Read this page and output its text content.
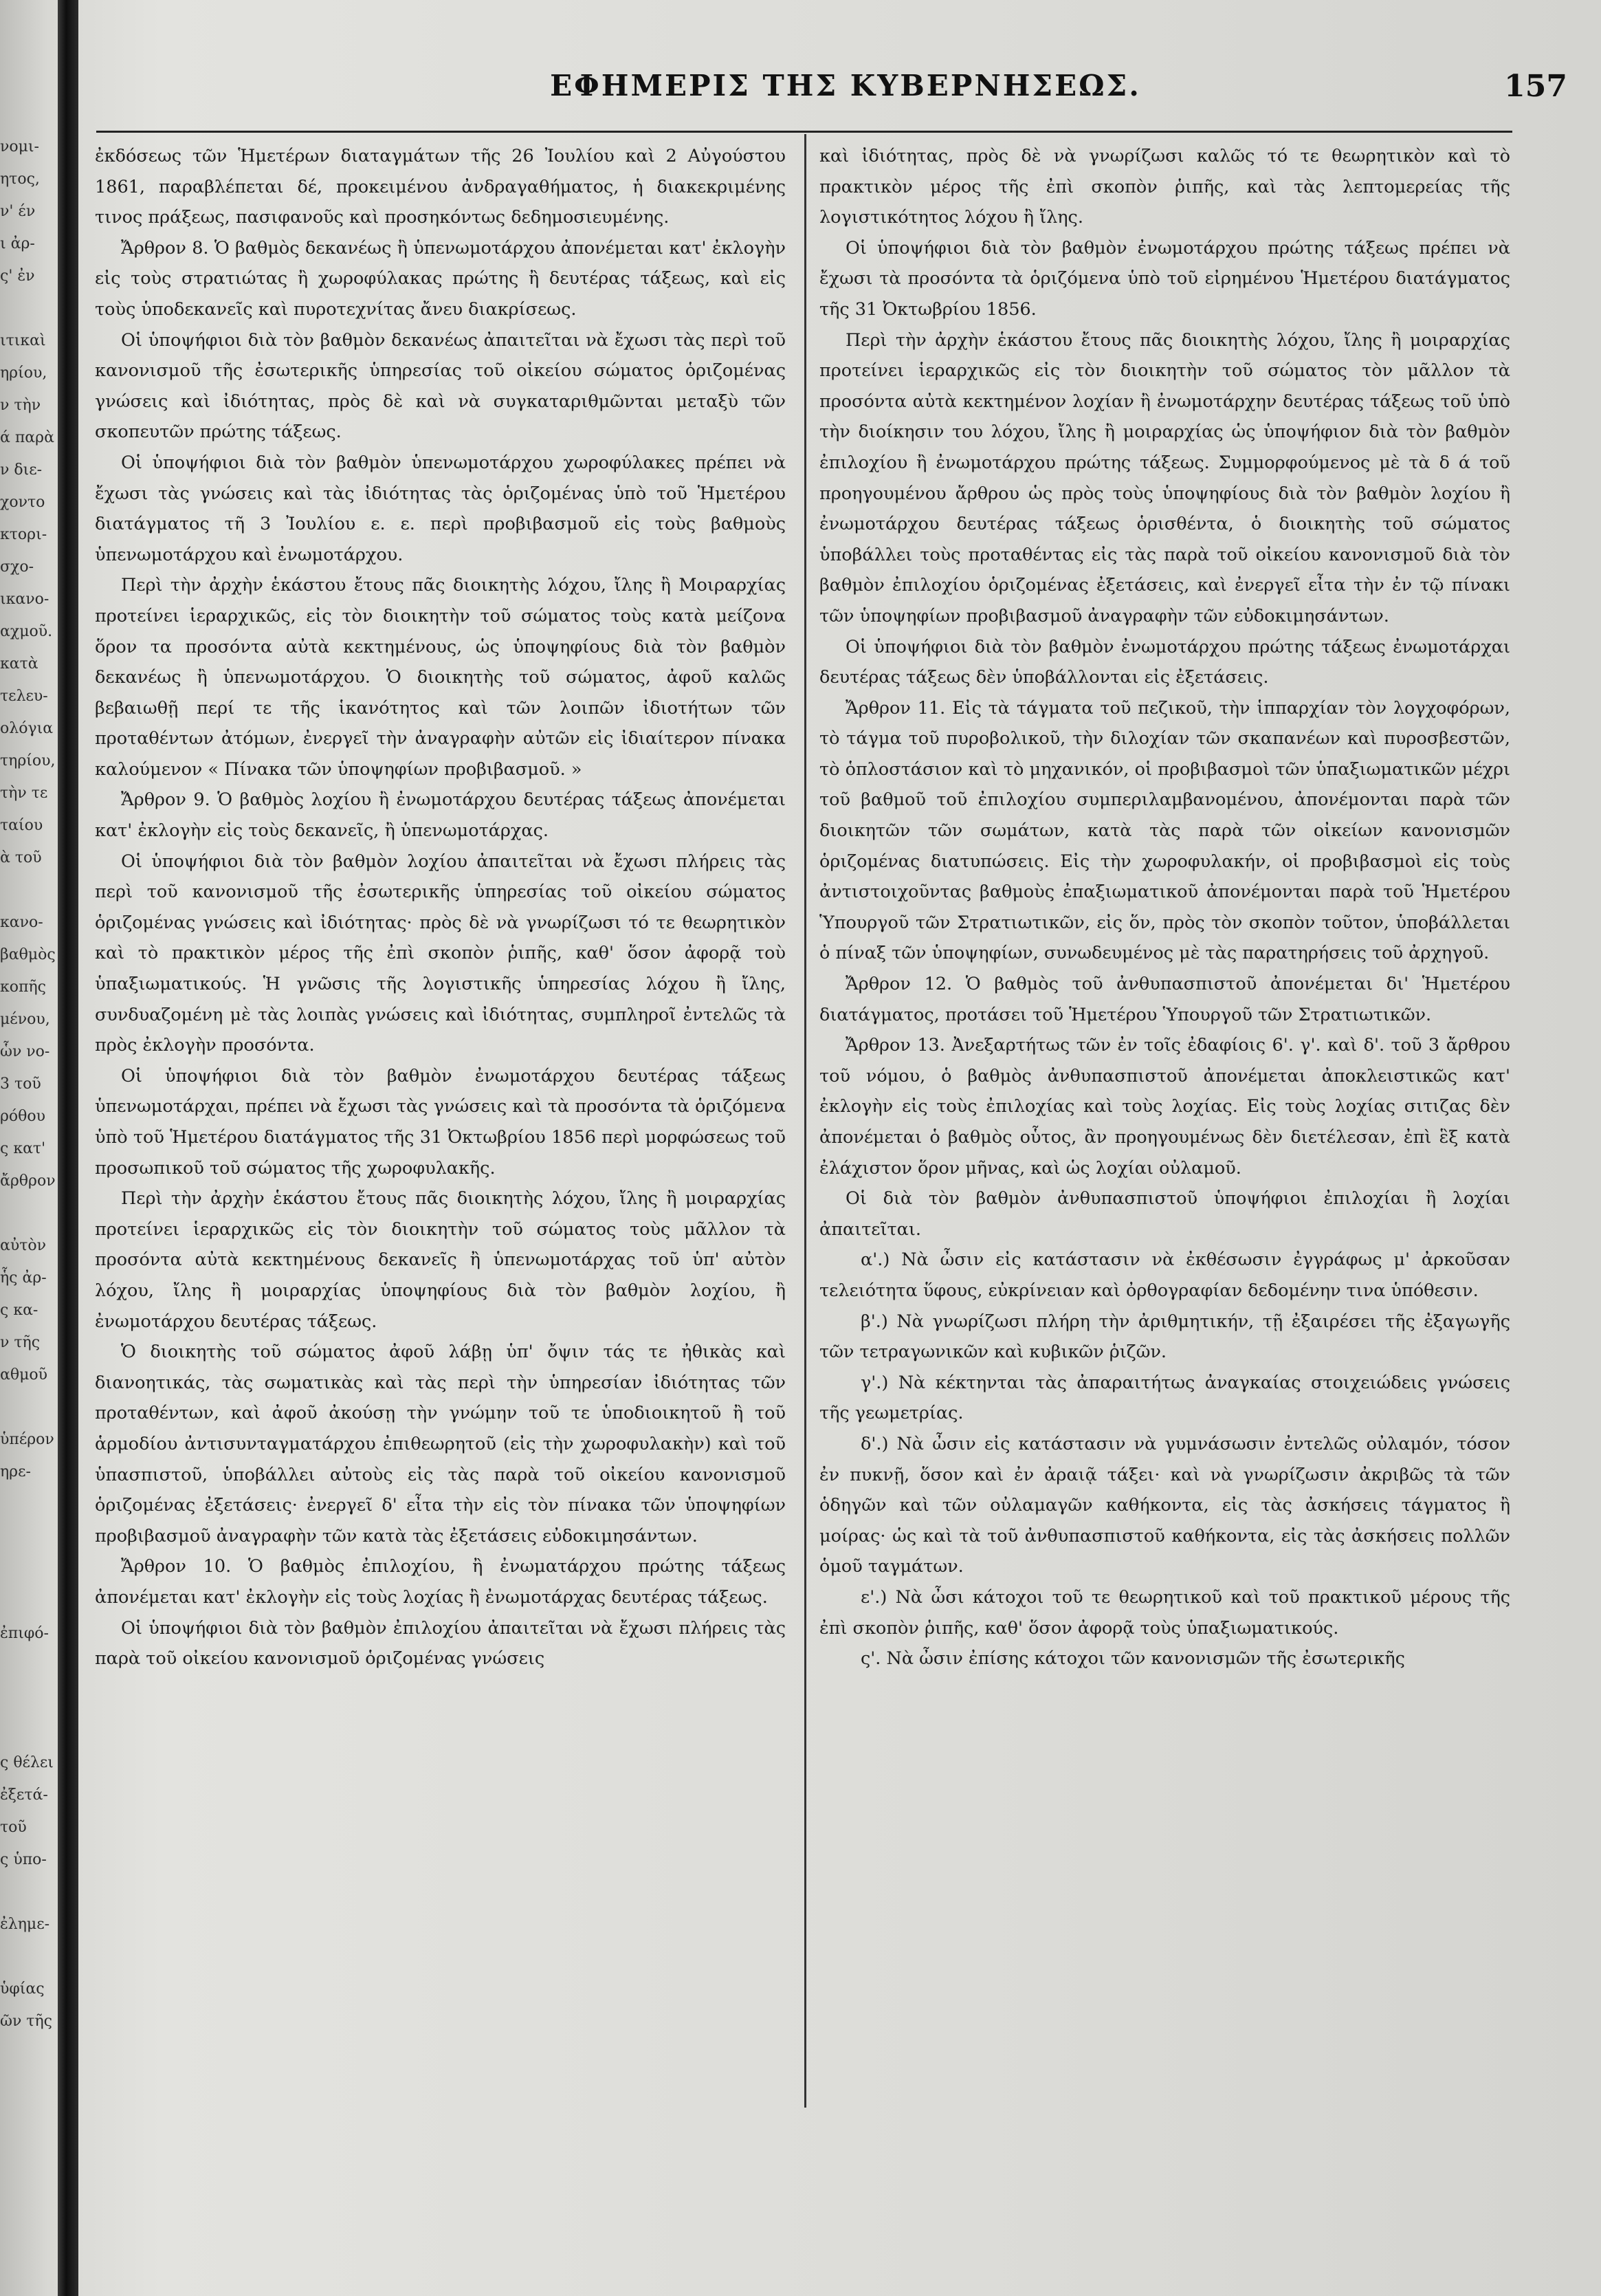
νομι-
ητος,
ν' έν
ι ἀρ-
ς' ἐν

ιτικαὶ
ηρίου,
ν τὴν
ά παρὰ
ν διε-
χοντο
κτορι-
σχο-
ικανο-
αχμοῦ.
κατὰ
τελευ-
ολόγια
τηρίου,
τὴν τε
ταίου
ὰ τοῦ

κανο-
βαθμὸς
κοπῆς
μένου,
ὧν νο-
3 τοῦ
ρόθου
ς κατ'
ἄρθρον

αὐτὸν
ἧς ἀρ-
ς κα-
ν τῆς
αθμοῦ

ὑπέρον
ηρε-

ἐπιφό-

ς θέλει
ἐξετά-
τοῦ
ς ὑπο-

ἐλημε-

ὑφίας
ῶν τῆς
ΕΦΗΜΕΡΙΣ ΤΗΣ ΚΥΒΕΡΝΗΣΕΩΣ.	157

ἐκδόσεως τῶν Ἡμετέρων διαταγμάτων τῆς 26 Ἰουλίου καὶ 2 Αὐγούστου 1861, παραβλέπεται δέ, προκειμένου ἀνδραγαθήματος, ἡ διακεκριμένης τινος πράξεως, πασιφανοῦς καὶ προσηκόντως δεδημοσιευμένης.

Ἄρθρον 8. Ὁ βαθμὸς δεκανέως ἢ ὑπενωμοτάρχου ἀπονέμεται κατ' ἐκλογὴν εἰς τοὺς στρατιώτας ἢ χωροφύλακας πρώτης ἢ δευτέρας τάξεως, καὶ εἰς τοὺς ὑποδεκανεῖς καὶ πυροτεχνίτας ἄνευ διακρίσεως.

Οἱ ὑποψήφιοι διὰ τὸν βαθμὸν δεκανέως ἀπαιτεῖται νὰ ἔχωσι τὰς περὶ τοῦ κανονισμοῦ τῆς ἐσωτερικῆς ὑπηρεσίας τοῦ οἰκείου σώματος ὁριζομένας γνώσεις καὶ ἰδιότητας, πρὸς δὲ καὶ νὰ συγκαταριθμῶνται μεταξὺ τῶν σκοπευτῶν πρώτης τάξεως.

Οἱ ὑποψήφιοι διὰ τὸν βαθμὸν ὑπενωμοτάρχου χωροφύλακες πρέπει νὰ ἔχωσι τὰς γνώσεις καὶ τὰς ἰδιότητας τὰς ὁριζομένας ὑπὸ τοῦ Ἡμετέρου διατάγματος τῆ 3 Ἰουλίου ε. ε. περὶ προβιβασμοῦ εἰς τοὺς βαθμοὺς ὑπενωμοτάρχου καὶ ἐνωμοτάρχου.

Περὶ τὴν ἀρχὴν ἑκάστου ἔτους πᾶς διοικητὴς λόχου, ἴλης ἢ Μοιραρχίας προτείνει ἱεραρχικῶς, εἰς τὸν διοικητὴν τοῦ σώματος τοὺς κατὰ μείζονα ὅρον τα προσόντα αὐτὰ κεκτημένους, ὡς ὑποψηφίους διὰ τὸν βαθμὸν δεκανέως ἢ ὑπενωμοτάρχου. Ὁ διοικητὴς τοῦ σώματος, ἀφοῦ καλῶς βεβαιωθῇ περί τε τῆς ἱκανότητος καὶ τῶν λοιπῶν ἰδιοτήτων τῶν προταθέντων ἀτόμων, ἐνεργεῖ τὴν ἀναγραφὴν αὐτῶν εἰς ἰδιαίτερον πίνακα καλούμενον « Πίνακα τῶν ὑποψηφίων προβιβασμοῦ. »

Ἄρθρον 9. Ὁ βαθμὸς λοχίου ἢ ἐνωμοτάρχου δευτέρας τάξεως ἀπονέμεται κατ' ἐκλογὴν εἰς τοὺς δεκανεῖς, ἢ ὑπενωμοτάρχας.

Οἱ ὑποψήφιοι διὰ τὸν βαθμὸν λοχίου ἀπαιτεῖται νὰ ἔχωσι πλήρεις τὰς περὶ τοῦ κανονισμοῦ τῆς ἐσωτερικῆς ὑπηρεσίας τοῦ οἰκείου σώματος ὁριζομένας γνώσεις καὶ ἰδιότητας· πρὸς δὲ νὰ γνωρίζωσι τό τε θεωρητικὸν καὶ τὸ πρακτικὸν μέρος τῆς ἐπὶ σκοπὸν ῥιπῆς, καθ' ὅσον ἀφορᾷ τοὺ ὑπαξιωματικούς. Ἡ γνῶσις τῆς λογιστικῆς ὑπηρεσίας λόχου ἢ ἴλης, συνδυαζομένη μὲ τὰς λοιπὰς γνώσεις καὶ ἰδιότητας, συμπληροῖ ἐντελῶς τὰ πρὸς ἐκλογὴν προσόντα.

Οἱ ὑποψήφιοι διὰ τὸν βαθμὸν ἐνωμοτάρχου δευτέρας τάξεως ὑπενωμοτάρχαι, πρέπει νὰ ἔχωσι τὰς γνώσεις καὶ τὰ προσόντα τὰ ὁριζόμενα ὑπὸ τοῦ Ἡμετέρου διατάγματος τῆς 31 Ὀκτωβρίου 1856 περὶ μορφώσεως τοῦ προσωπικοῦ τοῦ σώματος τῆς χωροφυλακῆς.

Περὶ τὴν ἀρχὴν ἑκάστου ἔτους πᾶς διοικητὴς λόχου, ἴλης ἢ μοιραρχίας προτείνει ἱεραρχικῶς εἰς τὸν διοικητὴν τοῦ σώματος τοὺς μᾶλλον τὰ προσόντα αὐτὰ κεκτημένους δεκανεῖς ἢ ὑπενωμοτάρχας τοῦ ὑπ' αὐτὸν λόχου, ἴλης ἢ μοιραρχίας ὑποψηφίους διὰ τὸν βαθμὸν λοχίου, ἢ ἐνωμοτάρχου δευτέρας τάξεως.

Ὁ διοικητὴς τοῦ σώματος ἀφοῦ λάβῃ ὑπ' ὄψιν τάς τε ἠθικὰς καὶ διανοητικάς, τὰς σωματικὰς καὶ τὰς περὶ τὴν ὑπηρεσίαν ἰδιότητας τῶν προταθέντων, καὶ ἀφοῦ ἀκούσῃ τὴν γνώμην τοῦ τε ὑποδιοικητοῦ ἢ τοῦ ἁρμοδίου ἀντισυνταγματάρχου ἐπιθεωρητοῦ (εἰς τὴν χωροφυλακὴν) καὶ τοῦ ὑπασπιστοῦ, ὑποβάλλει αὐτοὺς εἰς τὰς παρὰ τοῦ οἰκείου κανονισμοῦ ὁριζομένας ἐξετάσεις· ἐνεργεῖ δ' εἶτα τὴν εἰς τὸν πίνακα τῶν ὑποψηφίων προβιβασμοῦ ἀναγραφὴν τῶν κατὰ τὰς ἐξετάσεις εὐδοκιμησάντων.

Ἄρθρον 10. Ὁ βαθμὸς ἐπιλοχίου, ἢ ἐνωματάρχου πρώτης τάξεως ἀπονέμεται κατ' ἐκλογὴν εἰς τοὺς λοχίας ἢ ἐνωμοτάρχας δευτέρας τάξεως.

Οἱ ὑποψήφιοι διὰ τὸν βαθμὸν ἐπιλοχίου ἀπαιτεῖται νὰ ἔχωσι πλήρεις τὰς παρὰ τοῦ οἰκείου κανονισμοῦ ὁριζομένας γνώσεις

καὶ ἰδιότητας, πρὸς δὲ νὰ γνωρίζωσι καλῶς τό τε θεωρητικὸν καὶ τὸ πρακτικὸν μέρος τῆς ἐπὶ σκοπὸν ῥιπῆς, καὶ τὰς λεπτομερείας τῆς λογιστικότητος λόχου ἢ ἴλης.

Οἱ ὑποψήφιοι διὰ τὸν βαθμὸν ἐνωμοτάρχου πρώτης τάξεως πρέπει νὰ ἔχωσι τὰ προσόντα τὰ ὁριζόμενα ὑπὸ τοῦ εἰρημένου Ἡμετέρου διατάγματος τῆς 31 Ὀκτωβρίου 1856.

Περὶ τὴν ἀρχὴν ἑκάστου ἔτους πᾶς διοικητὴς λόχου, ἴλης ἢ μοιραρχίας προτείνει ἱεραρχικῶς εἰς τὸν διοικητὴν τοῦ σώματος τὸν μᾶλλον τὰ προσόντα αὐτὰ κεκτημένον λοχίαν ἢ ἐνωμοτάρχην δευτέρας τάξεως τοῦ ὑπὸ τὴν διοίκησιν του λόχου, ἴλης ἢ μοιραρχίας ὡς ὑποψήφιον διὰ τὸν βαθμὸν ἐπιλοχίου ἢ ἐνωμοτάρχου πρώτης τάξεως. Συμμορφούμενος μὲ τὰ δ ά τοῦ προηγουμένου ἄρθρου ὡς πρὸς τοὺς ὑποψηφίους διὰ τὸν βαθμὸν λοχίου ἢ ἐνωμοτάρχου δευτέρας τάξεως ὁρισθέντα, ὁ διοικητὴς τοῦ σώματος ὑποβάλλει τοὺς προταθέντας εἰς τὰς παρὰ τοῦ οἰκείου κανονισμοῦ διὰ τὸν βαθμὸν ἐπιλοχίου ὁριζομένας ἐξετάσεις, καὶ ἐνεργεῖ εἶτα τὴν ἐν τῷ πίνακι τῶν ὑποψηφίων προβιβασμοῦ ἀναγραφὴν τῶν εὐδοκιμησάντων.

Οἱ ὑποψήφιοι διὰ τὸν βαθμὸν ἐνωμοτάρχου πρώτης τάξεως ἐνωμοτάρχαι δευτέρας τάξεως δὲν ὑποβάλλονται εἰς ἐξετάσεις.

Ἄρθρον 11. Εἰς τὰ τάγματα τοῦ πεζικοῦ, τὴν ἱππαρχίαν τὸν λογχοφόρων, τὸ τάγμα τοῦ πυροβολικοῦ, τὴν διλοχίαν τῶν σκαπανέων καὶ πυροσβεστῶν, τὸ ὁπλοστάσιον καὶ τὸ μηχανικόν, οἱ προβιβασμοὶ τῶν ὑπαξιωματικῶν μέχρι τοῦ βαθμοῦ τοῦ ἐπιλοχίου συμπεριλαμβανομένου, ἀπονέμονται παρὰ τῶν διοικητῶν τῶν σωμάτων, κατὰ τὰς παρὰ τῶν οἰκείων κανονισμῶν ὁριζομένας διατυπώσεις. Εἰς τὴν χωροφυλακήν, οἱ προβιβασμοὶ εἰς τοὺς ἀντιστοιχοῦντας βαθμοὺς ἐπαξιωματικοῦ ἀπονέμονται παρὰ τοῦ Ἡμετέρου Ὑπουργοῦ τῶν Στρατιωτικῶν, εἰς ὅν, πρὸς τὸν σκοπὸν τοῦτον, ὑποβάλλεται ὁ πίναξ τῶν ὑποψηφίων, συνωδευμένος μὲ τὰς παρατηρήσεις τοῦ ἀρχηγοῦ.

Ἄρθρον 12. Ὁ βαθμὸς τοῦ ἀνθυπασπιστοῦ ἀπονέμεται δι' Ἡμετέρου διατάγματος, προτάσει τοῦ Ἡμετέρου Ὑπουργοῦ τῶν Στρατιωτικῶν.

Ἄρθρον 13. Ἀνεξαρτήτως τῶν ἐν τοῖς ἐδαφίοις 6'. γ'. καὶ δ'. τοῦ 3 ἄρθρου τοῦ νόμου, ὁ βαθμὸς ἀνθυπασπιστοῦ ἀπονέμεται ἀποκλειστικῶς κατ' ἐκλογὴν εἰς τοὺς ἐπιλοχίας καὶ τοὺς λοχίας. Εἰς τοὺς λοχίας σιτιζας δὲν ἀπονέμεται ὁ βαθμὸς οὗτος, ἂν προηγουμένως δὲν διετέλεσαν, ἐπὶ ἓξ κατὰ ἐλάχιστον ὅρον μῆνας, καὶ ὡς λοχίαι οὐλαμοῦ.

Οἱ διὰ τὸν βαθμὸν ἀνθυπασπιστοῦ ὑποψήφιοι ἐπιλοχίαι ἢ λοχίαι ἀπαιτεῖται.

α'.) Νὰ ὦσιν εἰς κατάστασιν νὰ ἐκθέσωσιν ἐγγράφως μ' ἀρκοῦσαν τελειότητα ὕφους, εὐκρίνειαν καὶ ὀρθογραφίαν δεδομένην τινα ὑπόθεσιν.

β'.) Νὰ γνωρίζωσι πλήρη τὴν ἀριθμητικήν, τῇ ἐξαιρέσει τῆς ἐξαγωγῆς τῶν τετραγωνικῶν καὶ κυβικῶν ῥιζῶν.

γ'.) Νὰ κέκτηνται τὰς ἀπαραιτήτως ἀναγκαίας στοιχειώδεις γνώσεις τῆς γεωμετρίας.

δ'.) Νὰ ὦσιν εἰς κατάστασιν νὰ γυμνάσωσιν ἐντελῶς οὐλαμόν, τόσον ἐν πυκνῇ, ὅσον καὶ ἐν ἀραιᾷ τάξει· καὶ νὰ γνωρίζωσιν ἀκριβῶς τὰ τῶν ὁδηγῶν καὶ τῶν οὐλαμαγῶν καθήκοντα, εἰς τὰς ἀσκήσεις τάγματος ἢ μοίρας· ὡς καὶ τὰ τοῦ ἀνθυπασπιστοῦ καθήκοντα, εἰς τὰς ἀσκήσεις πολλῶν ὁμοῦ ταγμάτων.

ε'.) Νὰ ὦσι κάτοχοι τοῦ τε θεωρητικοῦ καὶ τοῦ πρακτικοῦ μέρους τῆς ἐπὶ σκοπὸν ῥιπῆς, καθ' ὅσον ἀφορᾷ τοὺς ὑπαξιωματικούς.

ς'. Νὰ ὦσιν ἐπίσης κάτοχοι τῶν κανονισμῶν τῆς ἐσωτερικῆς
